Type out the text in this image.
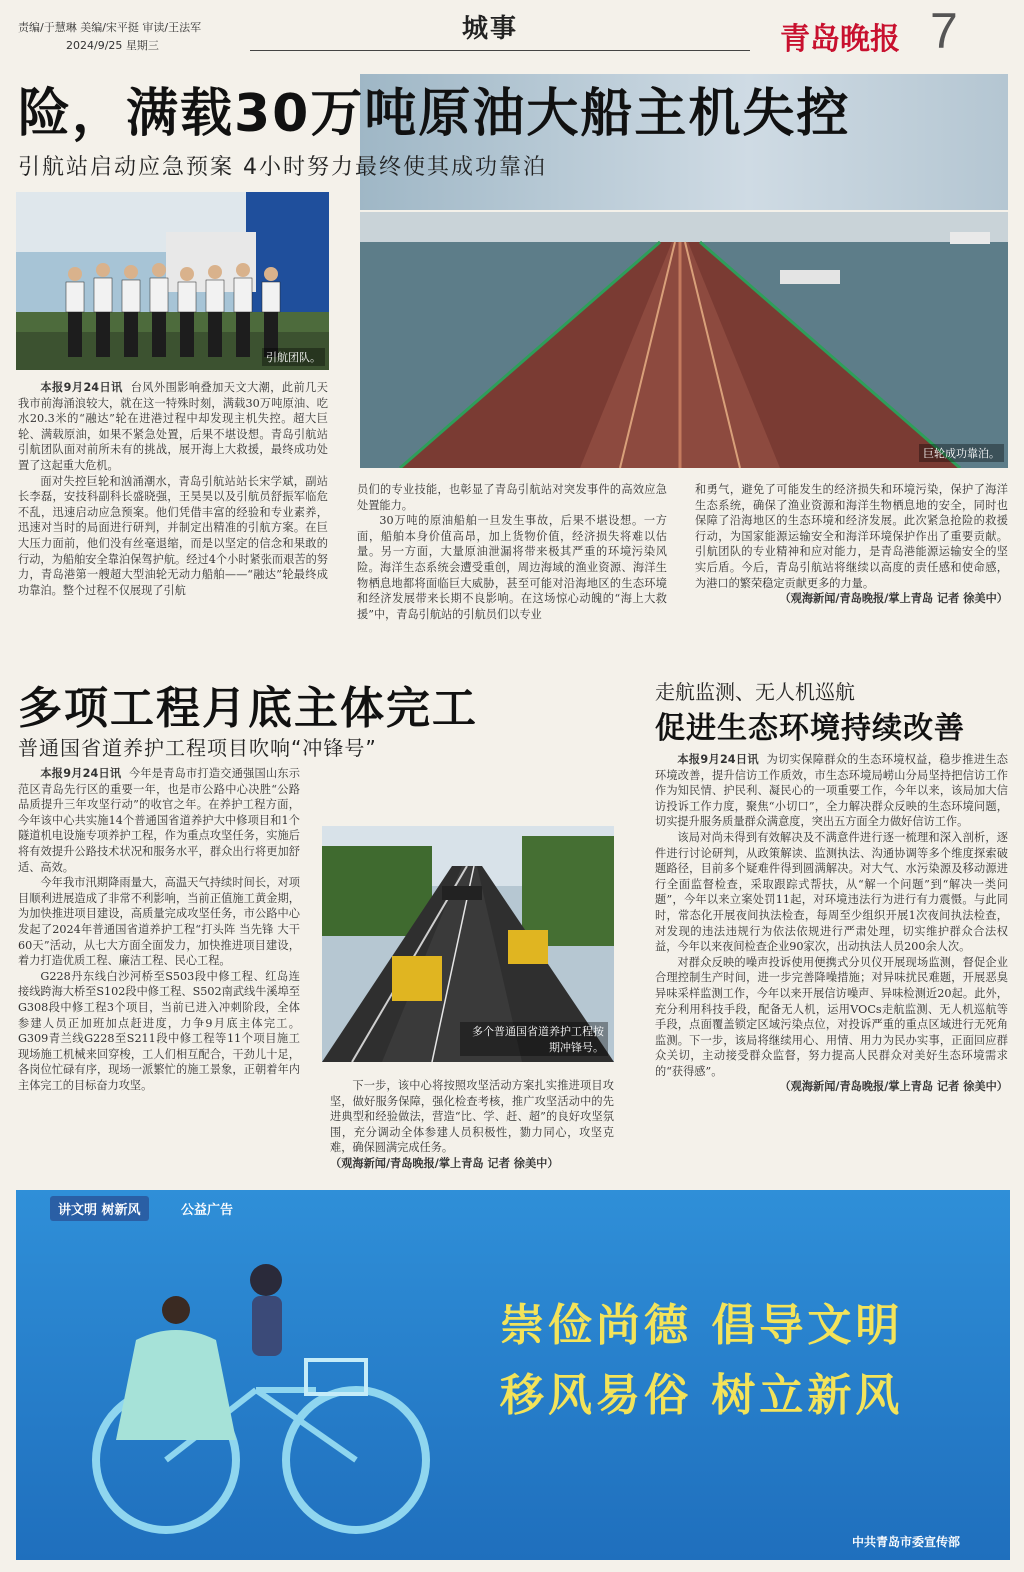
责编/于慧琳 美编/宋平挺 审读/王法军
2024/9/25 星期三
城事	青岛晚报 7
险，满载30万吨原油大船主机失控
引航站启动应急预案 4小时努力最终使其成功靠泊
引航团队。
巨轮成功靠泊。

本报9月24日讯 台风外围影响叠加天文大潮，此前几天我市前海涌浪较大，就在这一特殊时刻，满载30万吨原油、吃水20.3米的“融达”轮在进港过程中却发现主机失控。超大巨轮、满载原油，如果不紧急处置，后果不堪设想。青岛引航站引航团队面对前所未有的挑战，展开海上大救援，最终成功处置了这起重大危机。

面对失控巨轮和汹涌潮水，青岛引航站站长宋学斌，副站长李磊，安技科副科长盛晓强，王昊昊以及引航员舒振军临危不乱，迅速启动应急预案。他们凭借丰富的经验和专业素养，迅速对当时的局面进行研判，并制定出精准的引航方案。在巨大压力面前，他们没有丝毫退缩，而是以坚定的信念和果敢的行动，为船舶安全靠泊保驾护航。经过4个小时紧张而艰苦的努力，青岛港第一艘超大型油轮无动力船舶——“融达”轮最终成功靠泊。整个过程不仅展现了引航

员们的专业技能，也彰显了青岛引航站对突发事件的高效应急处置能力。

30万吨的原油船舶一旦发生事故，后果不堪设想。一方面，船舶本身价值高昂，加上货物价值，经济损失将难以估量。另一方面，大量原油泄漏将带来极其严重的环境污染风险。海洋生态系统会遭受重创，周边海域的渔业资源、海洋生物栖息地都将面临巨大威胁，甚至可能对沿海地区的生态环境和经济发展带来长期不良影响。在这场惊心动魄的“海上大救援”中，青岛引航站的引航员们以专业

和勇气，避免了可能发生的经济损失和环境污染，保护了海洋生态系统，确保了渔业资源和海洋生物栖息地的安全，同时也保障了沿海地区的生态环境和经济发展。此次紧急抢险的救援行动，为国家能源运输安全和海洋环境保护作出了重要贡献。引航团队的专业精神和应对能力，是青岛港能源运输安全的坚实后盾。今后，青岛引航站将继续以高度的责任感和使命感，为港口的繁荣稳定贡献更多的力量。

（观海新闻/青岛晚报/掌上青岛 记者 徐美中）

多项工程月底主体完工
普通国省道养护工程项目吹响“冲锋号”

本报9月24日讯 今年是青岛市打造交通强国山东示范区青岛先行区的重要一年，也是市公路中心决胜“公路品质提升三年攻坚行动”的收官之年。在养护工程方面，今年该中心共实施14个普通国省道养护大中修项目和1个隧道机电设施专项养护工程，作为重点攻坚任务，实施后将有效提升公路技术状况和服务水平，群众出行将更加舒适、高效。

今年我市汛期降雨量大，高温天气持续时间长，对项目顺利进展造成了非常不利影响，当前正值施工黄金期，为加快推进项目建设，高质量完成攻坚任务，市公路中心发起了2024年普通国省道养护工程“打头阵 当先锋 大干60天”活动，从七大方面全面发力，加快推进项目建设，着力打造优质工程、廉洁工程、民心工程。

G228丹东线白沙河桥至S503段中修工程、红岛连接线跨海大桥至S102段中修工程、S502南武线牛溪埠至G308段中修工程3个项目，当前已进入冲刺阶段，全体参建人员正加班加点赶进度，力争9月底主体完工。G309青兰线G228至S211段中修工程等11个项目施工现场施工机械来回穿梭，工人们相互配合，干劲儿十足，各岗位忙碌有序，现场一派繁忙的施工景象，正朝着年内主体完工的目标奋力攻坚。

多个普通国省道养护工程按期冲锋号。

下一步，该中心将按照攻坚活动方案扎实推进项目攻坚，做好服务保障，强化检查考核，推广攻坚活动中的先进典型和经验做法，营造“比、学、赶、超”的良好攻坚氛围，充分调动全体参建人员积极性，勠力同心，攻坚克难，确保圆满完成任务。

（观海新闻/青岛晚报/掌上青岛 记者 徐美中）

走航监测、无人机巡航
促进生态环境持续改善

本报9月24日讯 为切实保障群众的生态环境权益，稳步推进生态环境改善，提升信访工作质效，市生态环境局崂山分局坚持把信访工作作为知民情、护民利、凝民心的一项重要工作，今年以来，该局加大信访投诉工作力度，聚焦“小切口”，全力解决群众反映的生态环境问题，切实提升服务质量群众满意度，突出五方面全力做好信访工作。

该局对尚未得到有效解决及不满意件进行逐一梳理和深入剖析，逐件进行讨论研判，从政策解读、监测执法、沟通协调等多个维度探索破题路径，目前多个疑难件得到圆满解决。对大气、水污染源及移动源进行全面监督检查，采取跟踪式帮扶，从“解一个问题”到“解决一类问题”，今年以来立案处罚11起，对环境违法行为进行有力震慑。与此同时，常态化开展夜间执法检查，每周至少组织开展1次夜间执法检查，对发现的违法违规行为依法依规进行严肃处理，切实维护群众合法权益，今年以来夜间检查企业90家次，出动执法人员200余人次。

对群众反映的噪声投诉使用便携式分贝仪开展现场监测，督促企业合理控制生产时间，进一步完善降噪措施；对异味扰民难题，开展恶臭异味采样监测工作，今年以来开展信访噪声、异味检测近20起。此外，充分利用科技手段，配备无人机，运用VOCs走航监测、无人机巡航等手段，点面覆盖锁定区域污染点位，对投诉严重的重点区域进行无死角监测。下一步，该局将继续用心、用情、用力为民办实事，正面回应群众关切，主动接受群众监督，努力提高人民群众对美好生态环境需求的“获得感”。

（观海新闻/青岛晚报/掌上青岛 记者 徐美中）

讲文明 树新风	公益广告
崇俭尚德 倡导文明
移风易俗 树立新风
中共青岛市委宣传部
